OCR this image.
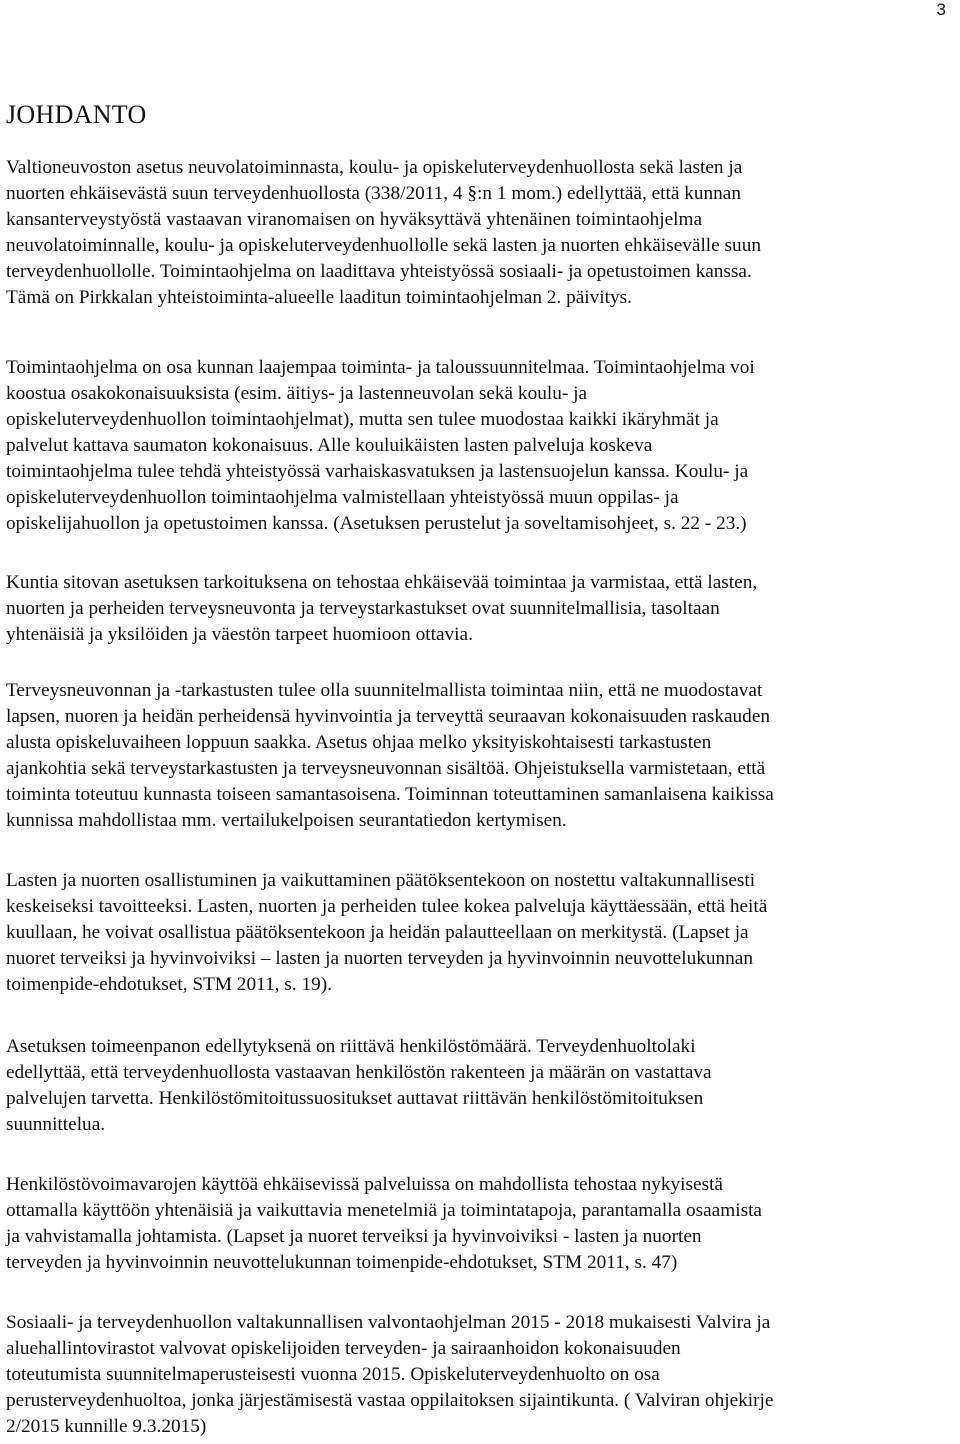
3
JOHDANTO
Valtioneuvoston asetus neuvolatoiminnasta, koulu- ja opiskeluterveydenhuollosta sekä lasten ja
nuorten ehkäisevästä suun terveydenhuollosta (338/2011, 4 §:n 1 mom.) edellyttää, että kunnan
kansanterveystyöstä vastaavan viranomaisen on hyväksyttävä yhtenäinen toimintaohjelma
neuvolatoiminnalle, koulu- ja opiskeluterveydenhuollolle sekä lasten ja nuorten ehkäisevälle suun
terveydenhuollolle. Toimintaohjelma on laadittava yhteistyössä sosiaali- ja opetustoimen kanssa.
Tämä on Pirkkalan yhteistoiminta-alueelle laaditun toimintaohjelman 2. päivitys.
Toimintaohjelma on osa kunnan laajempaa toiminta- ja taloussuunnitelmaa. Toimintaohjelma voi
koostua osakokonaisuuksista (esim. äitiys- ja lastenneuvolan sekä koulu- ja
opiskeluterveydenhuollon toimintaohjelmat), mutta sen tulee muodostaa kaikki ikäryhmät ja
palvelut kattava saumaton kokonaisuus. Alle kouluikäisten lasten palveluja koskeva
toimintaohjelma tulee tehdä yhteistyössä varhaiskasvatuksen ja lastensuojelun kanssa. Koulu- ja
opiskeluterveydenhuollon toimintaohjelma valmistellaan yhteistyössä muun oppilas- ja
opiskelijahuollon ja opetustoimen kanssa. (Asetuksen perustelut ja soveltamisohjeet, s. 22 - 23.)
Kuntia sitovan asetuksen tarkoituksena on tehostaa ehkäisevää toimintaa ja varmistaa, että lasten,
nuorten ja perheiden terveysneuvonta ja terveystarkastukset ovat suunnitelmallisia, tasoltaan
yhtenäisiä ja yksilöiden ja väestön tarpeet huomioon ottavia.
Terveysneuvonnan ja -tarkastusten tulee olla suunnitelmallista toimintaa niin, että ne muodostavat
lapsen, nuoren ja heidän perheidensä hyvinvointia ja terveyttä seuraavan kokonaisuuden raskauden
alusta opiskeluvaiheen loppuun saakka. Asetus ohjaa melko yksityiskohtaisesti tarkastusten
ajankohtia sekä terveystarkastusten ja terveysneuvonnan sisältöä. Ohjeistuksella varmistetaan, että
toiminta toteutuu kunnasta toiseen samantasoisena. Toiminnan toteuttaminen samanlaisena kaikissa
kunnissa mahdollistaa mm. vertailukelpoisen seurantatiedon kertymisen.
Lasten ja nuorten osallistuminen ja vaikuttaminen päätöksentekoon on nostettu valtakunnallisesti
keskeiseksi tavoitteeksi. Lasten, nuorten ja perheiden tulee kokea palveluja käyttäessään, että heitä
kuullaan, he voivat osallistua päätöksentekoon ja heidän palautteellaan on merkitystä. (Lapset ja
nuoret terveiksi ja hyvinvoiviksi – lasten ja nuorten terveyden ja hyvinvoinnin neuvottelukunnan
toimenpide-ehdotukset, STM 2011, s. 19).
Asetuksen toimeenpanon edellytyksenä on riittävä henkilöstömäärä. Terveydenhuoltolaki
edellyttää, että terveydenhuollosta vastaavan henkilöstön rakenteen ja määrän on vastattava
palvelujen tarvetta. Henkilöstömitoitussuositukset auttavat riittävän henkilöstömitoituksen
suunnittelua.
Henkilöstövoimavarojen käyttöä ehkäisevissä palveluissa on mahdollista tehostaa nykyisestä
ottamalla käyttöön yhtenäisiä ja vaikuttavia menetelmiä ja toimintatapoja, parantamalla osaamista
ja vahvistamalla johtamista. (Lapset ja nuoret terveiksi ja hyvinvoiviksi - lasten ja nuorten
terveyden ja hyvinvoinnin neuvottelukunnan toimenpide-ehdotukset, STM 2011, s. 47)
Sosiaali- ja terveydenhuollon valtakunnallisen valvontaohjelman 2015 - 2018 mukaisesti Valvira ja
aluehallintovirastot valvovat opiskelijoiden terveyden- ja sairaanhoidon kokonaisuuden
toteutumista suunnitelmaperusteisesti vuonna 2015. Opiskeluterveydenhuolto on osa
perusterveydenhuoltoa, jonka järjestämisestä vastaa oppilaitoksen sijaintikunta. ( Valviran ohjekirje
2/2015 kunnille 9.3.2015)
